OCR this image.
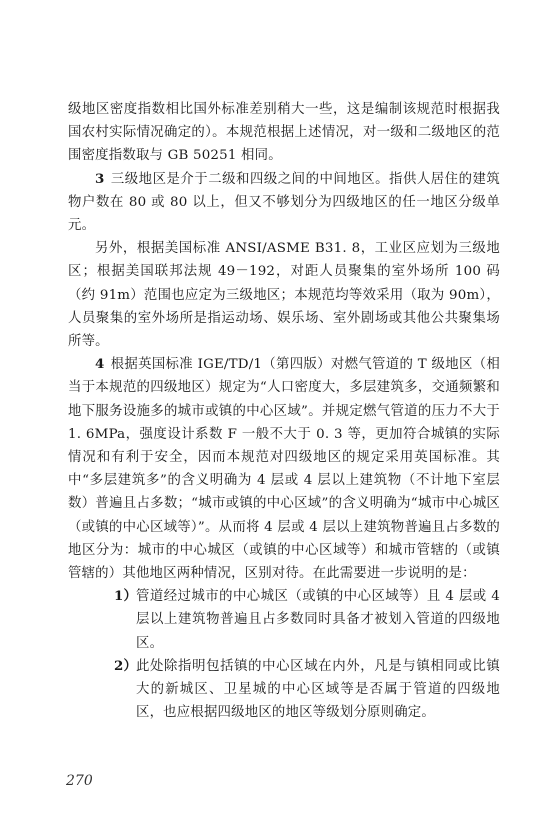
级地区密度指数相比国外标准差别稍大一些，这是编制该规范时根据我国农村实际情况确定的）。本规范根据上述情况，对一级和二级地区的范围密度指数取与 GB 50251 相同。

3 三级地区是介于二级和四级之间的中间地区。指供人居住的建筑物户数在 80 或 80 以上，但又不够划分为四级地区的任一地区分级单元。

另外，根据美国标准 ANSI/ASME B31. 8，工业区应划为三级地区；根据美国联邦法规 49－192，对距人员聚集的室外场所 100 码（约 91m）范围也应定为三级地区；本规范均等效采用（取为 90m），人员聚集的室外场所是指运动场、娱乐场、室外剧场或其他公共聚集场所等。

4 根据英国标准 IGE/TD/1（第四版）对燃气管道的 T 级地区（相当于本规范的四级地区）规定为“人口密度大，多层建筑多，交通频繁和地下服务设施多的城市或镇的中心区域”。并规定燃气管道的压力不大于 1. 6MPa，强度设计系数 F 一般不大于 0. 3 等，更加符合城镇的实际情况和有利于安全，因而本规范对四级地区的规定采用英国标准。其中“多层建筑多”的含义明确为 4 层或 4 层以上建筑物（不计地下室层数）普遍且占多数；“城市或镇的中心区域”的含义明确为“城市中心城区（或镇的中心区域等）”。从而将 4 层或 4 层以上建筑物普遍且占多数的地区分为：城市的中心城区（或镇的中心区域等）和城市管辖的（或镇管辖的）其他地区两种情况，区别对待。在此需要进一步说明的是：

1）
管道经过城市的中心城区（或镇的中心区域等）且 4 层或 4 层以上建筑物普遍且占多数同时具备才被划入管道的四级地区。
2）
此处除指明包括镇的中心区域在内外，凡是与镇相同或比镇大的新城区、卫星城的中心区域等是否属于管道的四级地区，也应根据四级地区的地区等级划分原则确定。
270
